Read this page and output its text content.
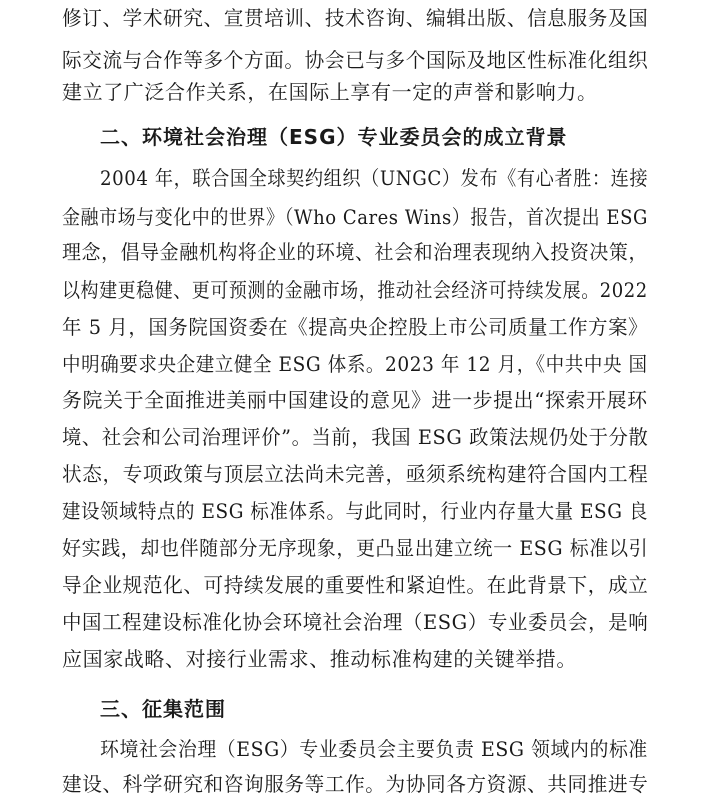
修订、学术研究、宣贯培训、技术咨询、编辑出版、信息服务及国
际交流与合作等多个方面。协会已与多个国际及地区性标准化组织
建立了广泛合作关系，在国际上享有一定的声誉和影响力。
二、环境社会治理（ESG）专业委员会的成立背景
2004 年，联合国全球契约组织（UNGC）发布《有心者胜：连接
金融市场与变化中的世界》（Who Cares Wins）报告，首次提出 ESG
理念，倡导金融机构将企业的环境、社会和治理表现纳入投资决策，
以构建更稳健、更可预测的金融市场，推动社会经济可持续发展。2022
年 5 月，国务院国资委在《提高央企控股上市公司质量工作方案》
中明确要求央企建立健全 ESG 体系。2023 年 12 月，《中共中央 国
务院关于全面推进美丽中国建设的意见》进一步提出“探索开展环
境、社会和公司治理评价”。当前，我国 ESG 政策法规仍处于分散
状态，专项政策与顶层立法尚未完善，亟须系统构建符合国内工程
建设领域特点的 ESG 标准体系。与此同时，行业内存量大量 ESG 良
好实践，却也伴随部分无序现象，更凸显出建立统一 ESG 标准以引
导企业规范化、可持续发展的重要性和紧迫性。在此背景下，成立
中国工程建设标准化协会环境社会治理（ESG）专业委员会，是响
应国家战略、对接行业需求、推动标准构建的关键举措。
三、征集范围
环境社会治理（ESG）专业委员会主要负责 ESG 领域内的标准
建设、科学研究和咨询服务等工作。为协同各方资源、共同推进专
